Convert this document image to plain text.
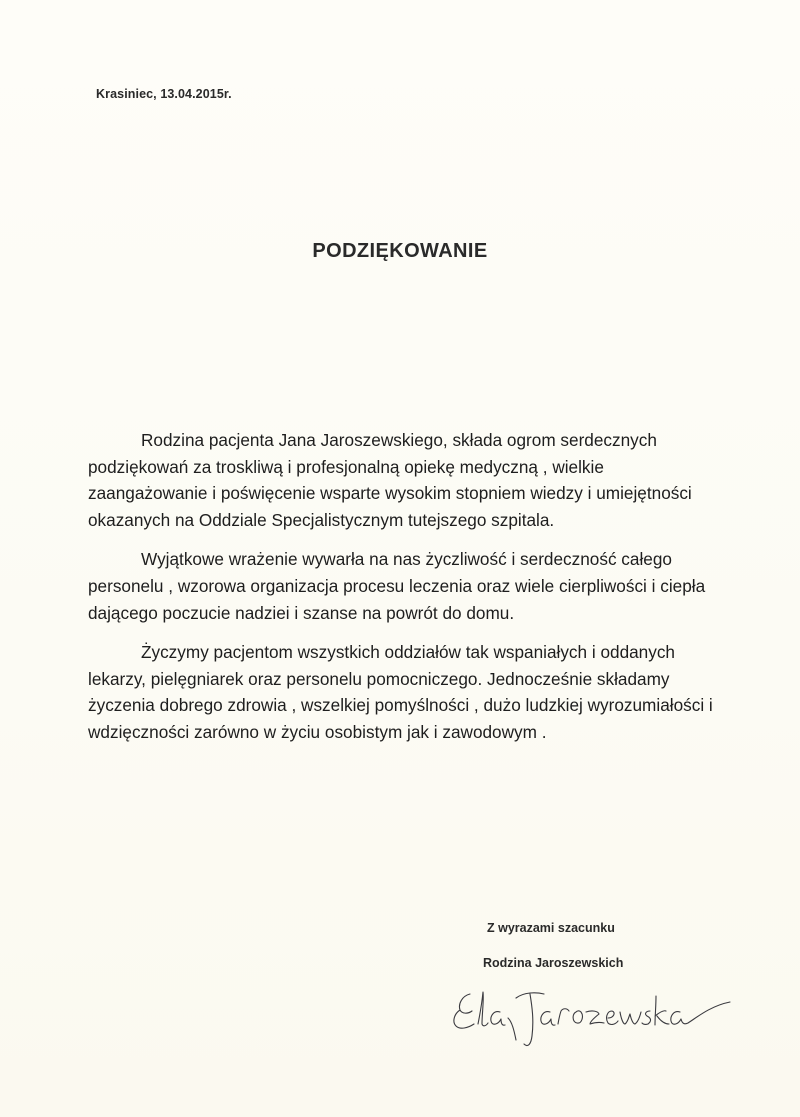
Krasiniec, 13.04.2015r.
PODZIĘKOWANIE

Rodzina pacjenta Jana Jaroszewskiego, składa ogrom serdecznych podziękowań za troskliwą i profesjonalną opiekę medyczną , wielkie zaangażowanie i poświęcenie wsparte wysokim stopniem wiedzy i umiejętności okazanych na Oddziale Specjalistycznym tutejszego szpitala.

Wyjątkowe wrażenie wywarła na nas życzliwość i serdeczność całego personelu , wzorowa organizacja procesu leczenia oraz wiele cierpliwości i ciepła dającego poczucie nadziei i szanse na powrót do domu.

Życzymy pacjentom wszystkich oddziałów tak wspaniałych i oddanych lekarzy, pielęgniarek oraz personelu pomocniczego. Jednocześnie składamy życzenia dobrego zdrowia , wszelkiej pomyślności , dużo ludzkiej wyrozumiałości i wdzięczności zarówno w życiu osobistym jak i zawodowym .

Z wyrazami szacunku
Rodzina Jaroszewskich
